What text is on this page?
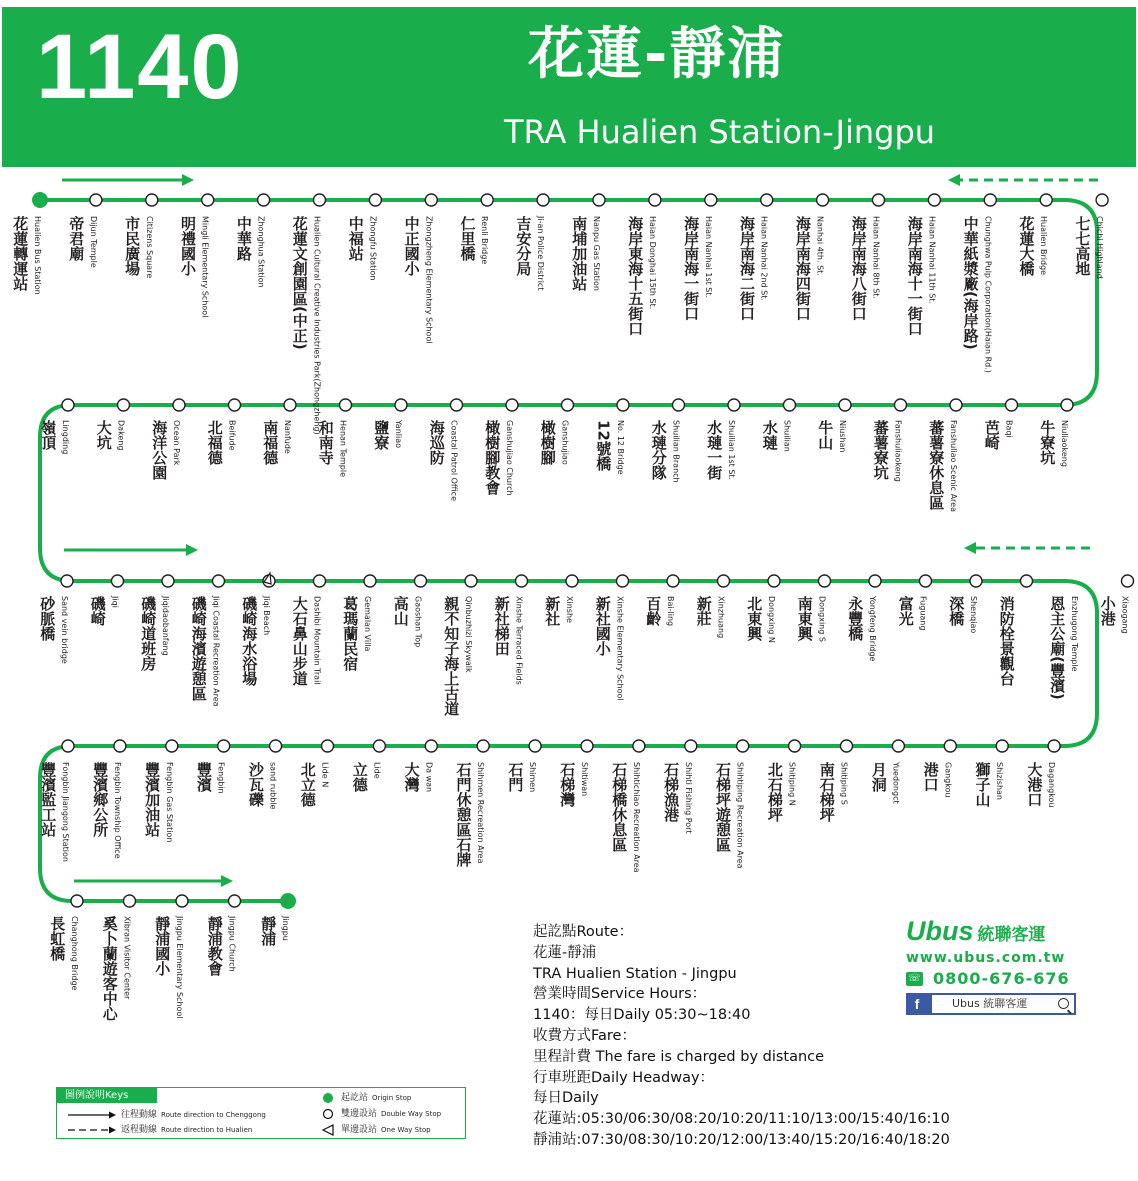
1140	花蓮-靜浦
TRA Hualien Station-Jingpu
花蓮轉運站 Hualien Bus Station 帝君廟 Dijun Temple 市民廣場 Citizens Square 明禮國小 Mingli Elementary School 中華路 Zhonghua Station 花蓮文創園區(中正) Hualien Cultural Creative Industries Park(Zhongzheng) 中福站 Zhongfu Station 中正國小 Zhongzheng Elementary School 仁里橋 Renli Bridge 吉安分局 Ji-an Police District 南埔加油站 Nanpu Gas Station 海岸東海十五街口 Haian Donghai 15th St. 海岸南海一街口 Haian Nanhai 1st St. 海岸南海二街口 Haian Nanhai 2nd St. 海岸南海四街口 Nanhai 4th. St. 海岸南海八街口 Haian Nanhai 8th St. 海岸南海十一街口 Haian Nanhai 11th St. 中華紙漿廠(海岸路) Chunghwa Pulp Corporation(Haian Rd.) 花蓮大橋 Hualien Bridge 七七高地 Chichi Highland
嶺頂 Lingding 大坑 Dakeng 海洋公園 Ocean Park 北福德 Beifude 南福德 Nanfude 和南寺 Henan Temple 鹽寮 Yanliao 海巡防 Coastal Patrol Office 橄樹腳教會 Ganshujiao Church 橄樹腳 Ganshujiao 12號橋 No. 12 Bridge 水璉分隊 Shuilian Branch 水璉一街 Shuilian 1st St. 水璉 Shuilian 牛山 Niushan 蕃薯寮坑 Fanshuliaokeng 蕃薯寮休息區 Fanshuliao Scenic Area 芭崎 Baqi 牛寮坑 Niuliaokeng
砂脈橋 Sand vein bridge 磯崎 Jiqi 磯崎道班房 Jiqidaobanfang 磯崎海濱遊憩區 Jiqi Coastal Recreation Area 磯崎海水浴場 Jiqi Beach 大石鼻山步道 Dashibi Mountain Trail 葛瑪蘭民宿 Gemalan Villa 高山 Gaoshan Top 親不知子海上古道 Qinbuzhizi Skywalk 新社梯田 Xinshe Terraced Fields 新社 Xinshe 新社國小 Xinshe Elementary School 百齡 Bai-ling 新莊 Xinzhuang 北東興 Dongxing N 南東興 Dongxing S 永豐橋 Yongfeng Bridge 富光 Fuguang 深橋 Shenqiao 消防栓景觀台 恩主公廟(豐濱) Enzhugong Temple 小港 Xiaogang
豐濱監工站 Fongbin Jiangong Station 豐濱鄉公所 Fengbin Township Office 豐濱加油站 Fengbin Gas Station 豐濱 Fengbin 沙瓦礫 sand rubble 北立德 Lide N 立德 Lide 大灣 Da wan 石門休憩區石牌 Shihmen Recreation Area 石門 Shimen 石梯灣 Shitiwan 石梯橋休息區 Shihtichiao Recreation Area 石梯漁港 Shihti Fishing Port 石梯坪遊憩區 Shihtiping Recreation Area 北石梯坪 Shitiping N 南石梯坪 Shitiping S 月洞 Yuedongct 港口 Gangkou 獅子山 Shizishan 大港口 Dagangkou
長虹橋 Changhong Bridge 奚卜蘭遊客中心 Xibran Visitor Center 靜浦國小 Jingpu Elementary School 靜浦教會 Jingpu Church 靜浦 Jingpu	起訖點Route：
花蓮-靜浦
TRA Hualien Station - Jingpu
營業時間Service Hours：
1140：每日Daily 05:30~18:40
收費方式Fare：
里程計費 The fare is charged by distance
行車班距Daily Headway：
每日Daily
花蓮站:05:30/06:30/08:20/10:20/11:10/13:00/15:40/16:10
靜浦站:07:30/08:30/10:20/12:00/13:40/15:20/16:40/18:20
Ubus 統聯客運
www.ubus.com.tw
☏ 0800-676-676
f	Ubus 統聯客運
圖例說明Keys
往程動線 Route direction to Chenggong
返程動線 Route direction to Hualien
起訖站 Origin Stop
雙邊設站 Double Way Stop
單邊設站 One Way Stop
